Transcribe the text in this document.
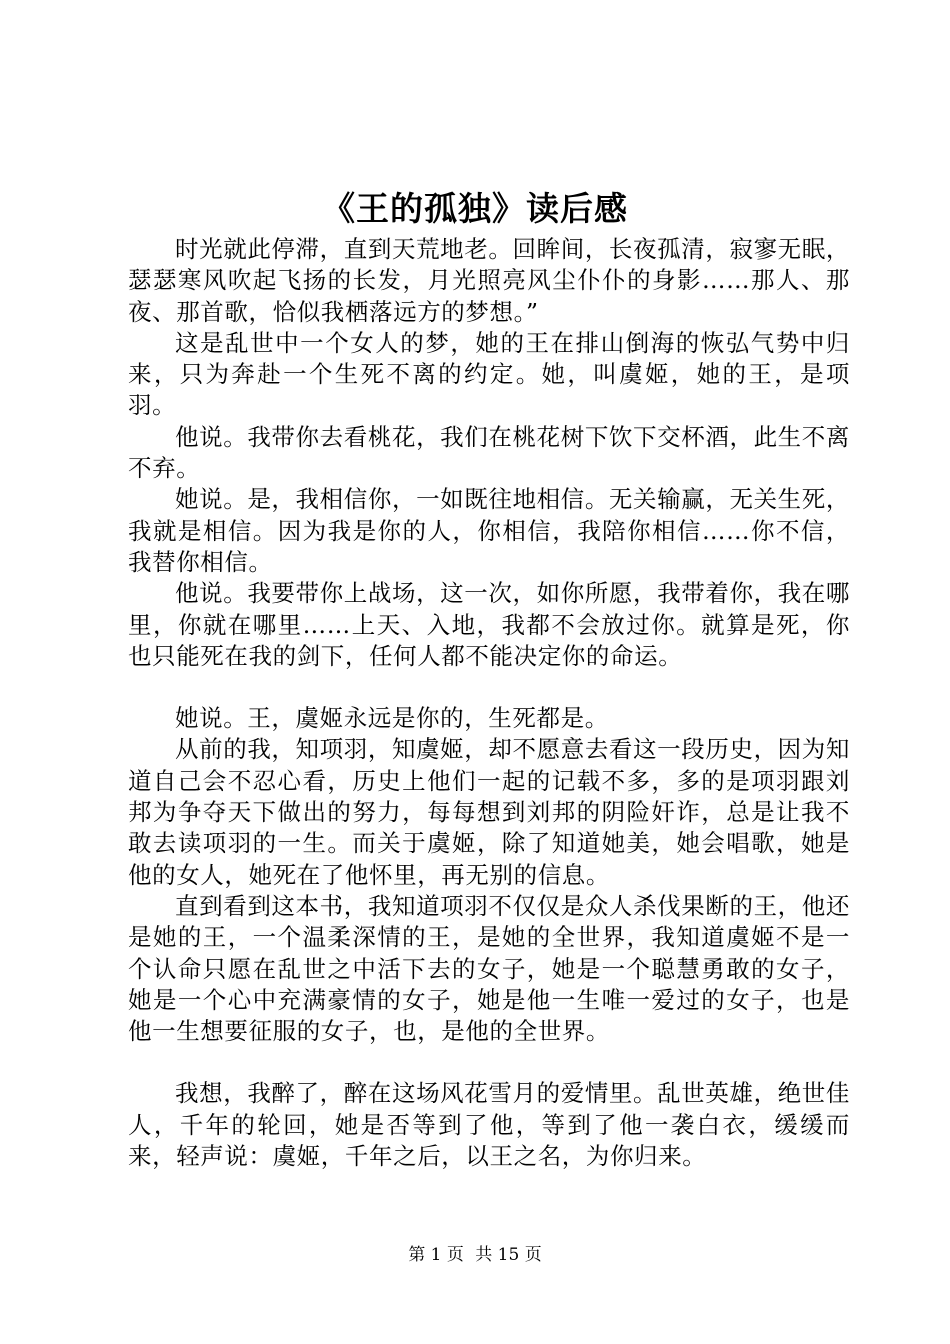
《王的孤独》读后感

时光就此停滞，直到天荒地老。回眸间，长夜孤清，寂寥无眠，瑟瑟寒风吹起飞扬的长发，月光照亮风尘仆仆的身影……那人、那夜、那首歌，恰似我栖落远方的梦想。”

这是乱世中一个女人的梦，她的王在排山倒海的恢弘气势中归来，只为奔赴一个生死不离的约定。她，叫虞姬，她的王，是项羽。

他说。我带你去看桃花，我们在桃花树下饮下交杯酒，此生不离不弃。

她说。是，我相信你，一如既往地相信。无关输赢，无关生死，我就是相信。因为我是你的人，你相信，我陪你相信……你不信，我替你相信。

他说。我要带你上战场，这一次，如你所愿，我带着你，我在哪里，你就在哪里……上天、入地，我都不会放过你。就算是死，你也只能死在我的剑下，任何人都不能决定你的命运。

她说。王，虞姬永远是你的，生死都是。

从前的我，知项羽，知虞姬，却不愿意去看这一段历史，因为知道自己会不忍心看，历史上他们一起的记载不多，多的是项羽跟刘邦为争夺天下做出的努力，每每想到刘邦的阴险奸诈，总是让我不敢去读项羽的一生。而关于虞姬，除了知道她美，她会唱歌，她是他的女人，她死在了他怀里，再无别的信息。

直到看到这本书，我知道项羽不仅仅是众人杀伐果断的王，他还是她的王，一个温柔深情的王，是她的全世界，我知道虞姬不是一个认命只愿在乱世之中活下去的女子，她是一个聪慧勇敢的女子，她是一个心中充满豪情的女子，她是他一生唯一爱过的女子，也是他一生想要征服的女子，也，是他的全世界。

我想，我醉了，醉在这场风花雪月的爱情里。乱世英雄，绝世佳人，千年的轮回，她是否等到了他，等到了他一袭白衣，缓缓而来，轻声说：虞姬，千年之后，以王之名，为你归来。

第 1 页 共 15 页
